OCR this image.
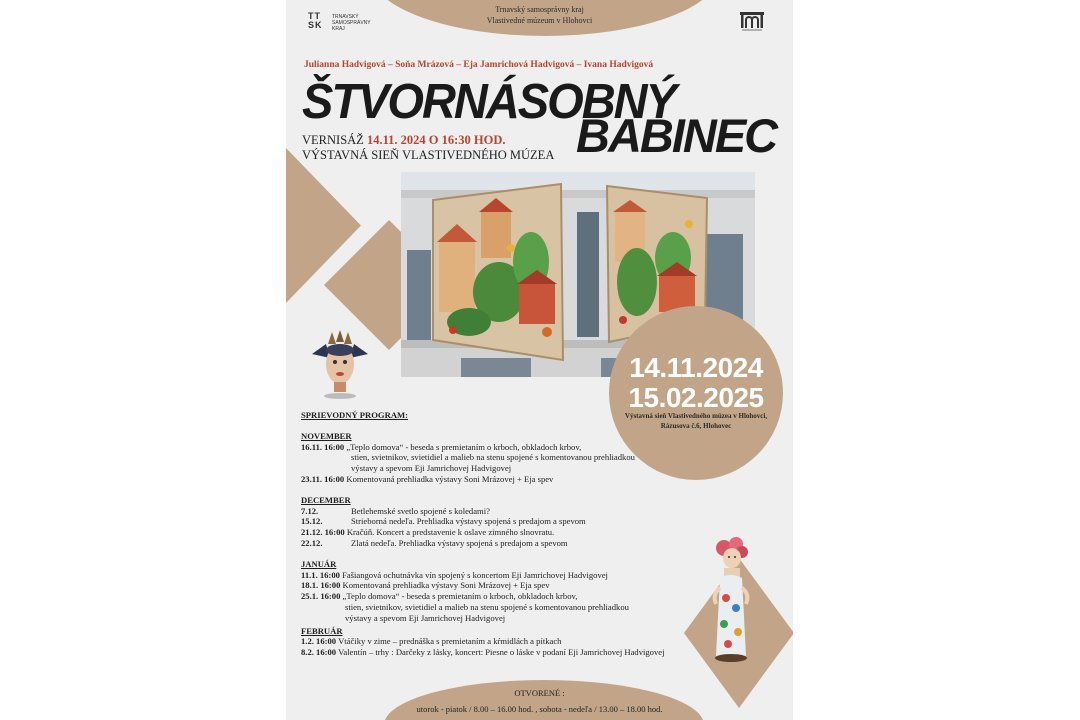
Trnavský samosprávny kraj
Vlastivedné múzeum v Hlohovci
TT
SK
TRNAVSKÝ
SAMOSPRÁVNY
KRAJ
Julianna Hadvigová – Soňa Mrázová – Eja Jamrichová Hadvigová – Ivana Hadvigová
ŠTVORNÁSOBNÝ
BABINEC
VERNISÁŽ 14.11. 2024 O 16:30 HOD.
VÝSTAVNÁ SIEŇ VLASTIVEDNÉHO MÚZEA
14.11.2024
15.02.2025
Výstavná sieň Vlastivedného múzea v Hlohovci,
Rázusova č.6, Hlohovec
SPRIEVODNÝ PROGRAM:
NOVEMBER
16.11. 16:00 „Teplo domova“ - beseda s premietaním o krboch, obkladoch krbov,
stien, svietnikov, svietidiel a malieb na stenu spojené s komentovanou prehliadkou
výstavy a spevom Eji Jamrichovej Hadvigovej
23.11. 16:00 Komentovaná prehliadka výstavy Soni Mrázovej + Eja spev
DECEMBER
7.12.	Betlehemské svetlo spojené s koledami?
15.12.	Strieborná nedeľa. Prehliadka výstavy spojená s predajom a spevom
21.12. 16:00 Kračúň. Koncert a predstavenie k oslave zimného slnovratu.
22.12.	Zlatá nedeľa. Prehliadka výstavy spojená s predajom a spevom
JANUÁR
11.1. 16:00 Fašiangová ochutnávka vín spojený s koncertom Eji Jamrichovej Hadvigovej
18.1. 16:00 Komentovaná prehliadka výstavy Soni Mrázovej + Eja spev
25.1. 16:00 „Teplo domova“ - beseda s premietaním o krboch, obkladoch krbov,
stien, svietnikov, svietidiel a malieb na stenu spojené s komentovanou prehliadkou
výstavy a spevom Eji Jamrichovej Hadvigovej
FEBRUÁR
1.2. 16:00 Vtáčiky v zime – prednáška s premietaním a kŕmidlách a pítkach
8.2. 16:00 Valentín – trhy : Darčeky z lásky, koncert: Piesne o láske v podaní Eji Jamrichovej Hadvigovej
OTVORENÉ :
utorok - piatok / 8.00 – 16.00 hod. , sobota - nedeľa / 13.00 – 18.00 hod.
